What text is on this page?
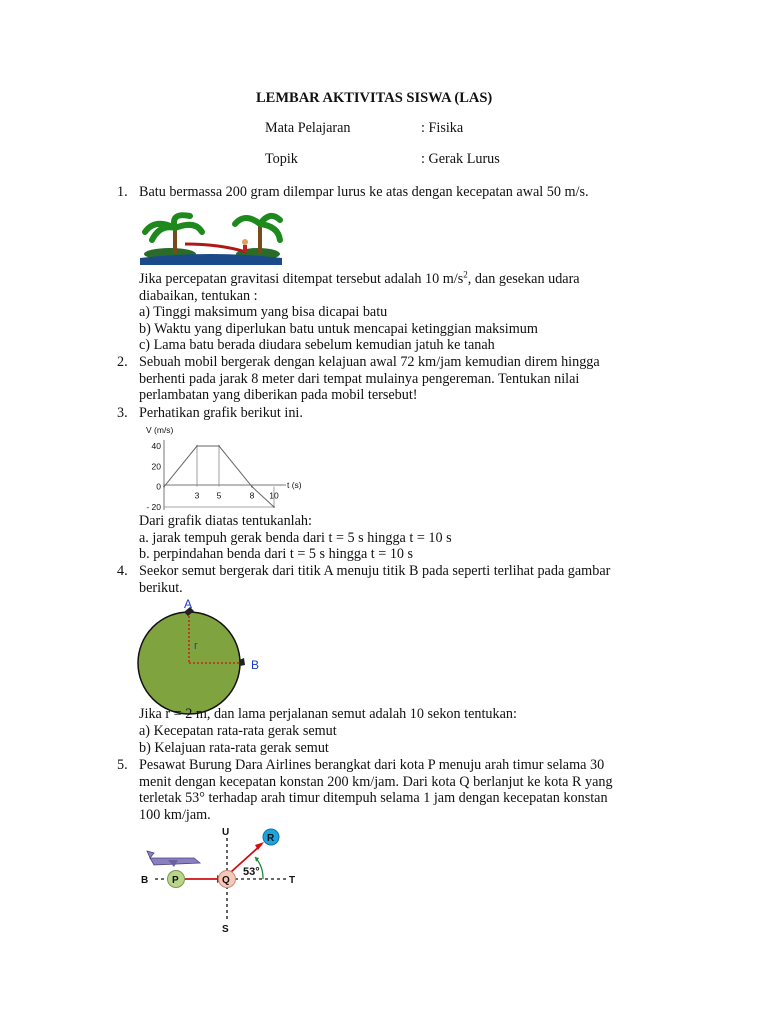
LEMBAR AKTIVITAS SISWA (LAS)
Mata Pelajaran	: Fisika
Topik	: Gerak Lurus
1. Batu bermassa 200 gram dilempar lurus ke atas dengan kecepatan awal 50 m/s.
Jika percepatan gravitasi ditempat tersebut adalah 10 $m/s^2$, dan gesekan udara
diabaikan, tentukan :
a) Tinggi maksimum yang bisa dicapai batu
b) Waktu yang diperlukan batu untuk mencapai ketinggian maksimum
c) Lama batu berada diudara sebelum kemudian jatuh ke tanah
2. Sebuah mobil bergerak dengan kelajuan awal 72 km/jam kemudian direm hingga
berhenti pada jarak 8 meter dari tempat mulainya pengereman. Tentukan nilai
perlambatan yang diberikan pada mobil tersebut!
3. Perhatikan grafik berikut ini.
V (m/s)
t (s)
40
20
0
- 20
3 5	8 10
Dari grafik diatas tentukanlah:
a. jarak tempuh gerak benda dari t = 5 s hingga t = 10 s
b. perpindahan benda dari t = 5 s hingga t = 10 s
4. Seekor semut bergerak dari titik A menuju titik B pada seperti terlihat pada gambar
berikut.
A
B
r
Jika r = 2 m, dan lama perjalanan semut adalah 10 sekon tentukan:
a) Kecepatan rata-rata gerak semut
b) Kelajuan rata-rata gerak semut
5. Pesawat Burung Dara Airlines berangkat dari kota P menuju arah timur selama 30
menit dengan kecepatan konstan 200 km/jam. Dari kota Q berlanjut ke kota R yang
terletak 53° terhadap arah timur ditempuh selama 1 jam dengan kecepatan konstan
100 km/jam.
P	Q
R
U
S
B	T
53°
